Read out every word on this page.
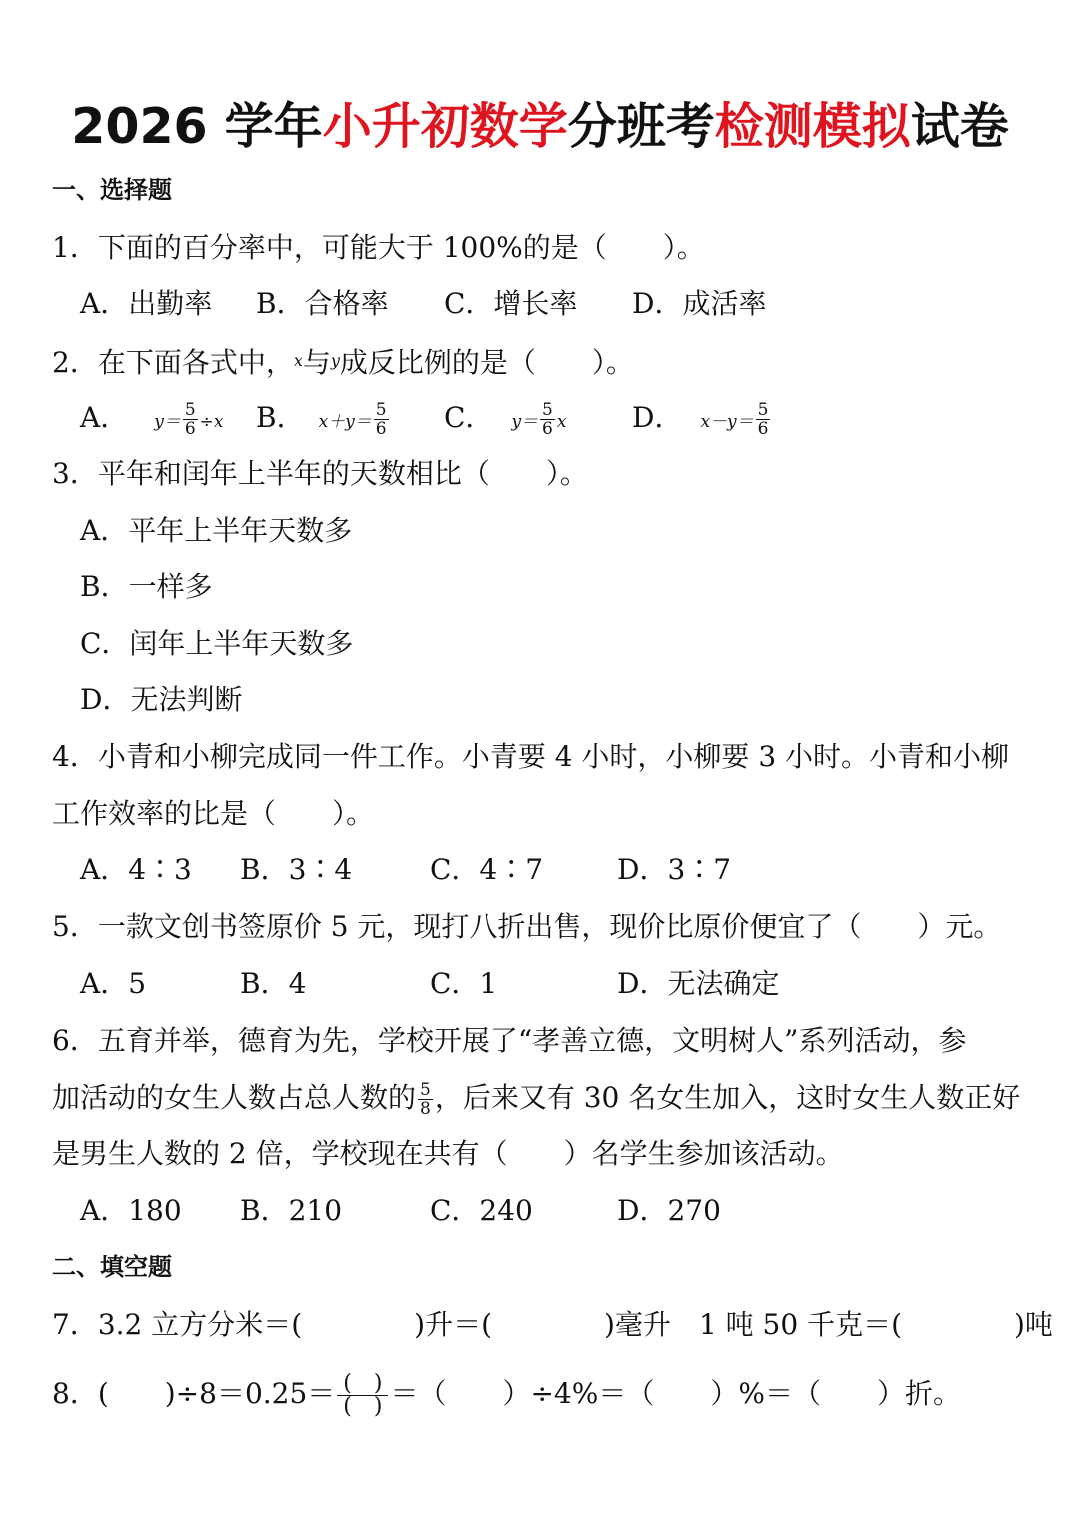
2026 学年小升初数学分班考检测模拟试卷
一、选择题
1．下面的百分率中，可能大于 100%的是（　　）。
A．出勤率 B．合格率 C．增长率 D．成活率
2．在下面各式中，$^x$与$^y$成反比例的是（　　）。
A． $y= \frac{5}{6} \div x$ B． $x+y= \frac{5}{6}$ C． $y= \frac{5}{6}$ x D． $x-y= \frac{5}{6}$
3．平年和闰年上半年的天数相比（　　）。
A．平年上半年天数多
B．一样多
C．闰年上半年天数多
D．无法判断
4．小青和小柳完成同一件工作。小青要 4 小时，小柳要 3 小时。小青和小柳
工作效率的比是（　　）。
A．4∶3 B．3∶4	C．4∶7	D．3∶7
5．一款文创书签原价 5 元，现打八折出售，现价比原价便宜了（　　）元。
A．5	B．4	C．1	D．无法确定
6．五育并举，德育为先，学校开展了“孝善立德，文明树人”系列活动，参
加活动的女生人数占总人数的 $\frac{5}{8}$ ，后来又有 30 名女生加入，这时女生人数正好
是男生人数的 2 倍，学校现在共有（　　）名学生参加该活动。
A．180 B．210	C．240	D．270
二、填空题
7．3.2 立方分米＝(　　　　)升＝(　　　　)毫升　1 吨 50 千克＝(　　　　)吨
8．(　　)$\div 8=0.25= \frac{( )}{( )}$ ＝（　　）÷4%＝（　　）%＝（　　）折。
